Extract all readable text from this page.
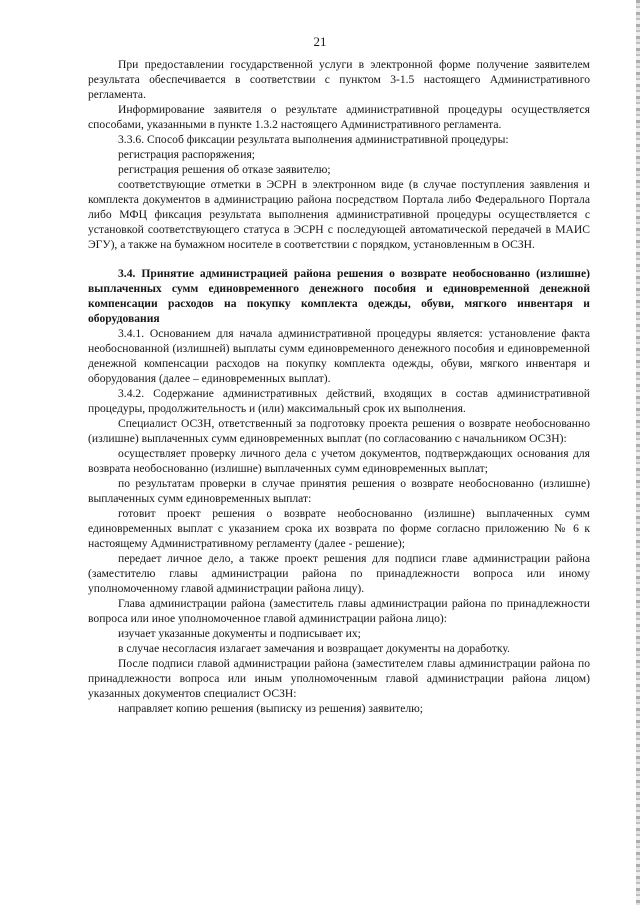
21

При предоставлении государственной услуги в электронной форме получение заявителем результата обеспечивается в соответствии с пунктом 3-1.5 настоящего Административного регламента.

Информирование заявителя о результате административной процедуры осуществляется способами, указанными в пункте 1.3.2 настоящего Административного регламента.

3.3.6. Способ фиксации результата выполнения административной процедуры:

регистрация распоряжения;

регистрация решения об отказе заявителю;

соответствующие отметки в ЭСРН в электронном виде (в случае поступления заявления и комплекта документов в администрацию района посредством Портала либо Федерального Портала либо МФЦ фиксация результата выполнения административной процедуры осуществляется с установкой соответствующего статуса в ЭСРН с последующей автоматической передачей в МАИС ЭГУ), а также на бумажном носителе в соответствии с порядком, установленным в ОСЗН.

3.4. Принятие администрацией района решения о возврате необоснованно (излишне) выплаченных сумм единовременного денежного пособия и единовременной денежной компенсации расходов на покупку комплекта одежды, обуви, мягкого инвентаря и оборудования

3.4.1. Основанием для начала административной процедуры является: установление факта необоснованной (излишней) выплаты сумм единовременного денежного пособия и единовременной денежной компенсации расходов на покупку комплекта одежды, обуви, мягкого инвентаря и оборудования (далее – единовременных выплат).

3.4.2. Содержание административных действий, входящих в состав административной процедуры, продолжительность и (или) максимальный срок их выполнения.

Специалист ОСЗН, ответственный за подготовку проекта решения о возврате необоснованно (излишне) выплаченных сумм единовременных выплат (по согласованию с начальником ОСЗН):

осуществляет проверку личного дела с учетом документов, подтверждающих основания для возврата необоснованно (излишне) выплаченных сумм единовременных выплат;

по результатам проверки в случае принятия решения о возврате необоснованно (излишне) выплаченных сумм единовременных выплат:

готовит проект решения о возврате необоснованно (излишне) выплаченных сумм единовременных выплат с указанием срока их возврата по форме согласно приложению № 6 к настоящему Административному регламенту (далее - решение);

передает личное дело, а также проект решения для подписи главе администрации района (заместителю главы администрации района по принадлежности вопроса или иному уполномоченному главой администрации района лицу).

Глава администрации района (заместитель главы администрации района по принадлежности вопроса или иное уполномоченное главой администрации района лицо):

изучает указанные документы и подписывает их;

в случае несогласия излагает замечания и возвращает документы на доработку.

После подписи главой администрации района (заместителем главы администрации района по принадлежности вопроса или иным уполномоченным главой администрации района лицом) указанных документов специалист ОСЗН:

направляет копию решения (выписку из решения) заявителю;
